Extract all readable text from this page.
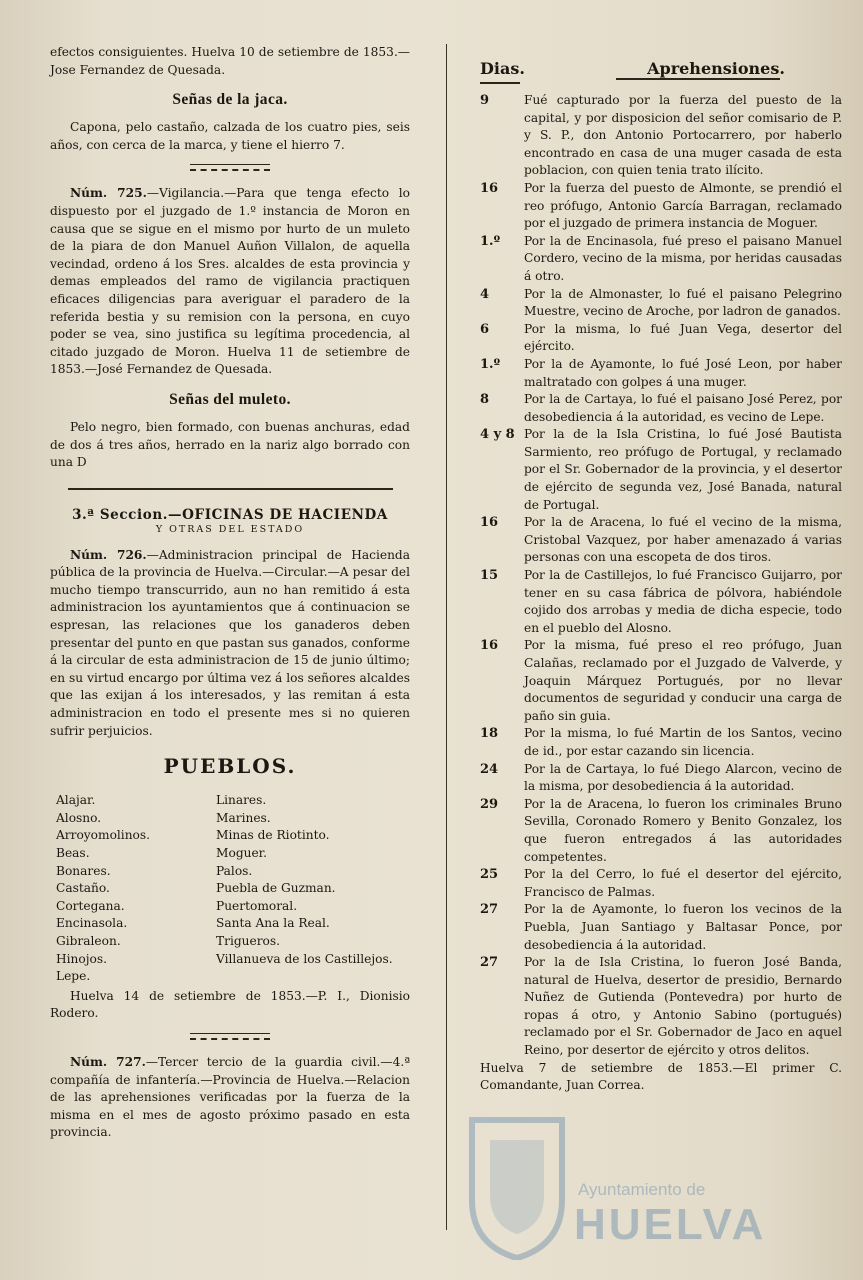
efectos consiguientes. Huelva 10 de setiembre de 1853.—Jose Fernandez de Quesada.

Señas de la jaca.

Capona, pelo castaño, calzada de los cuatro pies, seis años, con cerca de la marca, y tiene el hierro 7.

Núm. 725.—Vigilancia.—Para que tenga efecto lo dispuesto por el juzgado de 1.º instancia de Moron en causa que se sigue en el mismo por hurto de un muleto de la piara de don Manuel Auñon Villalon, de aquella vecindad, ordeno á los Sres. alcaldes de esta provincia y demas empleados del ramo de vigilancia practiquen eficaces diligencias para averiguar el paradero de la referida bestia y su remision con la persona, en cuyo poder se vea, sino justifica su legítima procedencia, al citado juzgado de Moron. Huelva 11 de setiembre de 1853.—José Fernandez de Quesada.

Señas del muleto.

Pelo negro, bien formado, con buenas anchuras, edad de dos á tres años, herrado en la nariz algo borrado con una D

3.ª Seccion.—OFICINAS DE HACIENDA
Y OTRAS DEL ESTADO

Núm. 726.—Administracion principal de Hacienda pública de la provincia de Huelva.—Circular.—A pesar del mucho tiempo transcurrido, aun no han remitido á esta administracion los ayuntamientos que á continuacion se espresan, las relaciones que los ganaderos deben presentar del punto en que pastan sus ganados, conforme á la circular de esta administracion de 15 de junio último; en su virtud encargo por última vez á los señores alcaldes que las exijan á los interesados, y las remitan á esta administracion en todo el presente mes si no quieren sufrir perjuicios.

PUEBLOS.
Alajar.
Alosno.
Arroyomolinos.
Beas.
Bonares.
Castaño.
Cortegana.
Encinasola.
Gibraleon.
Hinojos.
Lepe.
Linares.
Marines.
Minas de Riotinto.
Moguer.
Palos.
Puebla de Guzman.
Puertomoral.
Santa Ana la Real.
Trigueros.
Villanueva de los Castillejos.

Huelva 14 de setiembre de 1853.—P. I., Dionisio Rodero.

Núm. 727.—Tercer tercio de la guardia civil.—4.ª compañía de infantería.—Provincia de Huelva.—Relacion de las aprehensiones verificadas por la fuerza de la misma en el mes de agosto próximo pasado en esta provincia.

Dias.	Aprehensiones.
9	Fué capturado por la fuerza del puesto de la capital, y por disposicion del señor comisario de P. y S. P., don Antonio Portocarrero, por haberlo encontrado en casa de una muger casada de esta poblacion, con quien tenia trato ilícito.
16	Por la fuerza del puesto de Almonte, se prendió el reo prófugo, Antonio García Barragan, reclamado por el juzgado de primera instancia de Moguer.
1.º	Por la de Encinasola, fué preso el paisano Manuel Cordero, vecino de la misma, por heridas causadas á otro.
4	Por la de Almonaster, lo fué el paisano Pelegrino Muestre, vecino de Aroche, por ladron de ganados.
6	Por la misma, lo fué Juan Vega, desertor del ejército.
1.º	Por la de Ayamonte, lo fué José Leon, por haber maltratado con golpes á una muger.
8	Por la de Cartaya, lo fué el paisano José Perez, por desobediencia á la autoridad, es vecino de Lepe.
4 y 8 Por la de la Isla Cristina, lo fué José Bautista Sarmiento, reo prófugo de Portugal, y reclamado por el Sr. Gobernador de la provincia, y el desertor de ejército de segunda vez, José Banada, natural de Portugal.
16	Por la de Aracena, lo fué el vecino de la misma, Cristobal Vazquez, por haber amenazado á varias personas con una escopeta de dos tiros.
15	Por la de Castillejos, lo fué Francisco Guijarro, por tener en su casa fábrica de pólvora, habiéndole cojido dos arrobas y media de dicha especie, todo en el pueblo del Alosno.
16	Por la misma, fué preso el reo prófugo, Juan Calañas, reclamado por el Juzgado de Valverde, y Joaquin Márquez Portugués, por no llevar documentos de seguridad y conducir una carga de paño sin guia.
18	Por la misma, lo fué Martin de los Santos, vecino de id., por estar cazando sin licencia.
24	Por la de Cartaya, lo fué Diego Alarcon, vecino de la misma, por desobediencia á la autoridad.
29	Por la de Aracena, lo fueron los criminales Bruno Sevilla, Coronado Romero y Benito Gonzalez, los que fueron entregados á las autoridades competentes.
25	Por la del Cerro, lo fué el desertor del ejército, Francisco de Palmas.
27	Por la de Ayamonte, lo fueron los vecinos de la Puebla, Juan Santiago y Baltasar Ponce, por desobediencia á la autoridad.
27	Por la de Isla Cristina, lo fueron José Banda, natural de Huelva, desertor de presidio, Bernardo Nuñez de Gutienda (Pontevedra) por hurto de ropas á otro, y Antonio Sabino (portugués) reclamado por el Sr. Gobernador de Jaco en aquel Reino, por desertor de ejército y otros delitos.

Huelva 7 de setiembre de 1853.—El primer C. Comandante, Juan Correa.

Ayuntamiento de
HUELVA
